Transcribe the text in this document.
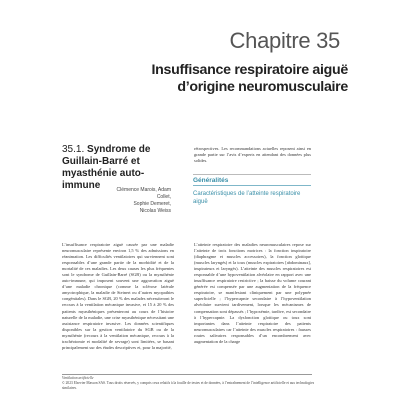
Chapitre 35
Insuffisance respiratoire aiguë
d’origine neuromusculaire
35.1. Syndrome de Guillain-Barré et myasthénie auto-immune	Clémence Marois, Adam Collet,
Sophie Demeret, Nicolas Weiss
rétrospectives. Les recommandations actuelles reposent ainsi en grande partie sur l’avis d’experts en attendant des données plus solides.
Généralités
Caractéristiques de l’atteinte respiratoire aiguë
L’insuffisance respiratoire aiguë causée par une maladie neuromusculaire représente environ 1,5 % des admissions en réanimation. Les difficultés ventilatoires qui surviennent sont responsables d’une grande partie de la morbidité et de la mortalité de ces maladies. Les deux causes les plus fréquentes sont le syndrome de Guillain-Barré (SGB) ou la myasthénie auto-immune, qui imposent souvent une aggravation aiguë d’une maladie chronique (comme la sclérose latérale amyotrophique, la maladie de Steinert ou d’autres myopathies congénitales). Dans le SGB, 20 % des malades nécessiteront le recours à la ventilation mécanique invasive, et 15 à 20 % des patients myasthéniques présenteront au cours de l’histoire naturelle de la maladie, une crise myasthénique nécessitant une assistance respiratoire invasive. Les données scientifiques disponibles sur la gestion ventilatoire du SGB ou de la myasthénie (recours à la ventilation mécanique, recours à la trachéotomie et modalité de sevrage) sont limitées, se basant principalement sur des études descriptives et, pour la majorité,
L’atteinte respiratoire des maladies neuromusculaires repose sur l’atteinte de trois fonctions motrices : la fonction inspiratoire (diaphragme et muscles accessoires), la fonction glottique (muscles laryngés) et la toux (muscles expiratoires [abdominaux], inspirateurs et laryngés). L’atteinte des muscles respiratoires est responsable d’une hypoventilation alvéolaire en rapport avec une insuffisance respiratoire restrictive ; la baisse du volume courant générée est compensée par une augmentation de la fréquence respiratoire, se manifestant cliniquement par une polypnée superficielle ; l’hypercapnie secondaire à l’hypoventilation alvéolaire survient tardivement, lorsque les mécanismes de compensation sont dépassés ; l’hypoxémie, tardive, est secondaire à l’hypercapnie. La dysfonction glottique ou toux sont importantes dans l’atteinte respiratoire des patients neuromusculaires car l’atteinte des muscles respiratoires : fausses routes salivaires responsables d’un encombrement avec augmentation de la charge
Ventilation artificielle
© 2023 Elsevier Masson SAS. Tous droits réservés, y compris ceux relatifs à la fouille de textes et de données, à l’entraînement de l’intelligence artificielle et aux technologies similaires.
